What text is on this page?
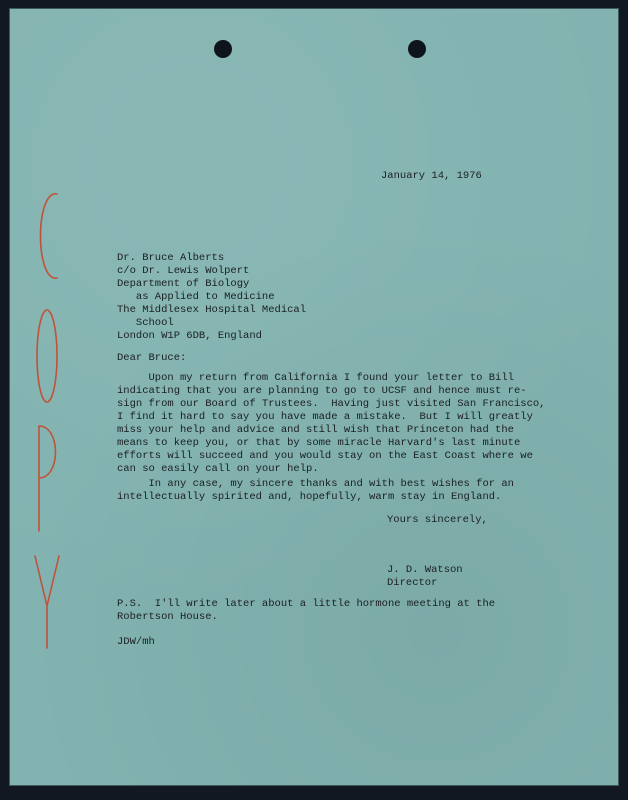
January 14, 1976
Dr. Bruce Alberts
c/o Dr. Lewis Wolpert
Department of Biology
as Applied to Medicine
The Middlesex Hospital Medical
School
London W1P 6DB, England
Dear Bruce:
Upon my return from California I found your letter to Bill
indicating that you are planning to go to UCSF and hence must re-
sign from our Board of Trustees.  Having just visited San Francisco,
I find it hard to say you have made a mistake.  But I will greatly
miss your help and advice and still wish that Princeton had the
means to keep you, or that by some miracle Harvard's last minute
efforts will succeed and you would stay on the East Coast where we
can so easily call on your help.
In any case, my sincere thanks and with best wishes for an
intellectually spirited and, hopefully, warm stay in England.
Yours sincerely,
J. D. Watson
Director
P.S.  I'll write later about a little hormone meeting at the
Robertson House.
JDW/mh
